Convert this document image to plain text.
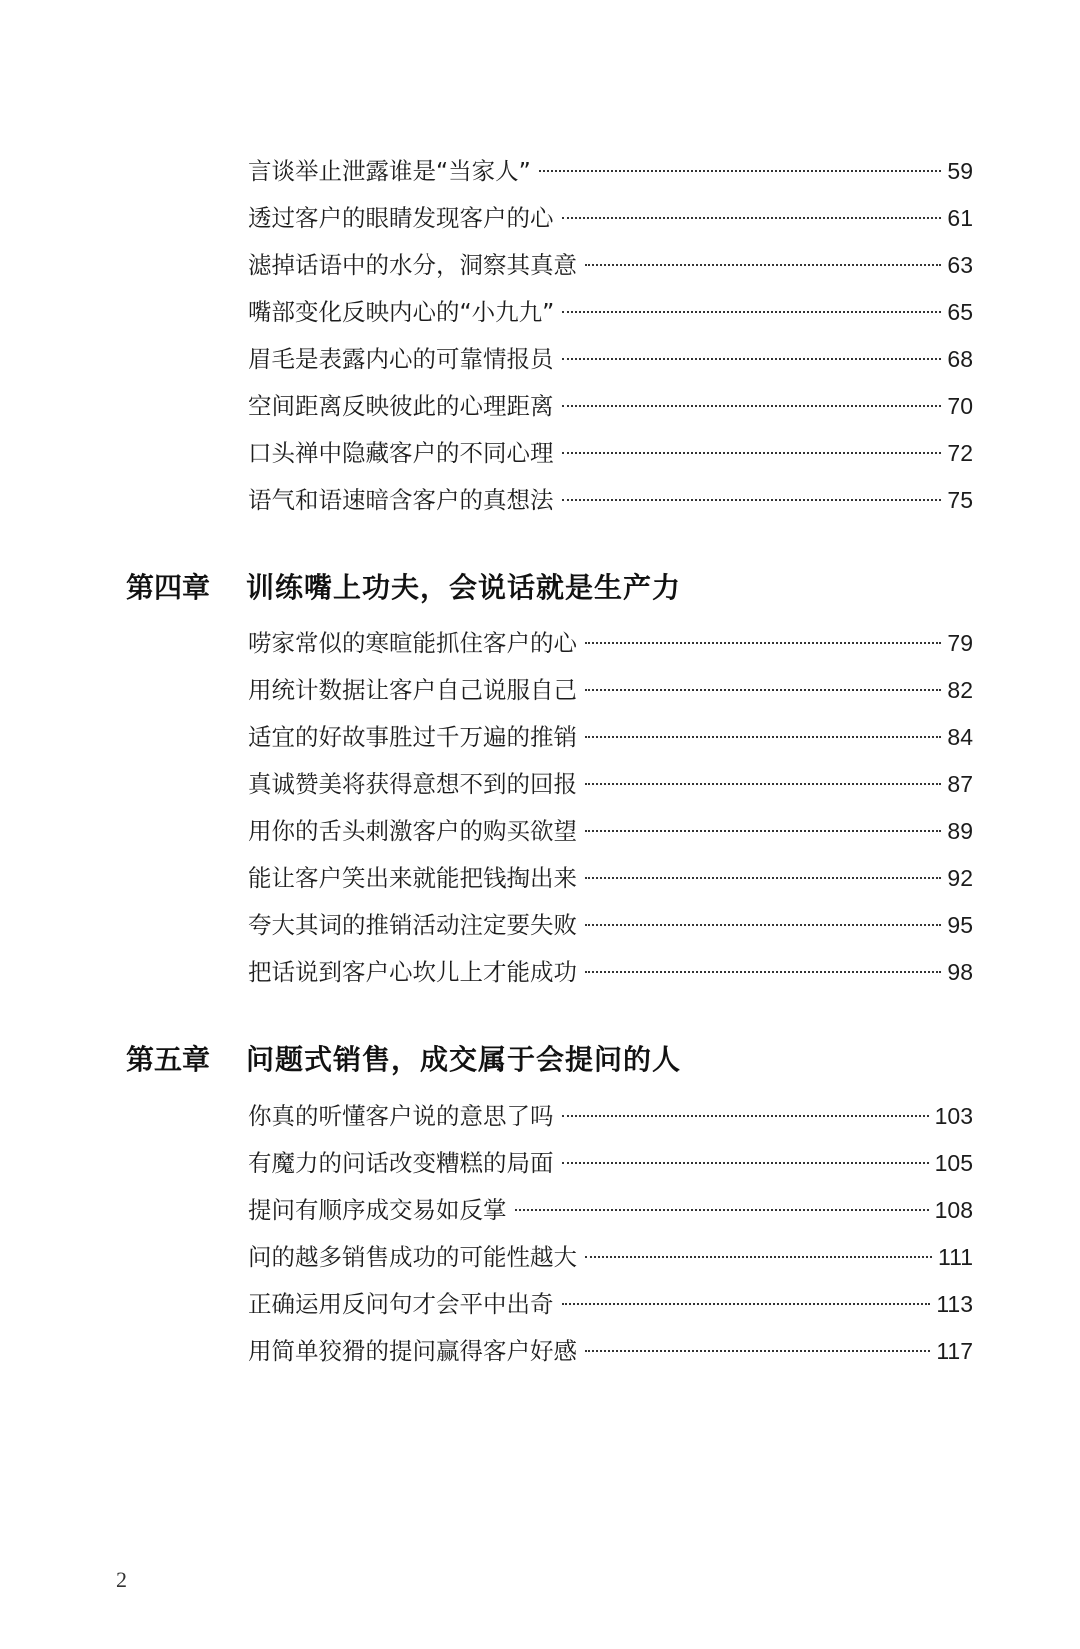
言谈举止泄露谁是“当家人”	59
透过客户的眼睛发现客户的心	61
滤掉话语中的水分，洞察其真意	63
嘴部变化反映内心的“小九九”	65
眉毛是表露内心的可靠情报员	68
空间距离反映彼此的心理距离	70
口头禅中隐藏客户的不同心理	72
语气和语速暗含客户的真想法	75
第四章	训练嘴上功夫，会说话就是生产力
唠家常似的寒暄能抓住客户的心	79
用统计数据让客户自己说服自己	82
适宜的好故事胜过千万遍的推销	84
真诚赞美将获得意想不到的回报	87
用你的舌头刺激客户的购买欲望	89
能让客户笑出来就能把钱掏出来	92
夸大其词的推销活动注定要失败	95
把话说到客户心坎儿上才能成功	98
第五章	问题式销售，成交属于会提问的人
你真的听懂客户说的意思了吗	103
有魔力的问话改变糟糕的局面	105
提问有顺序成交易如反掌	108
问的越多销售成功的可能性越大	111
正确运用反问句才会平中出奇	113
用简单狡猾的提问赢得客户好感	117
2
